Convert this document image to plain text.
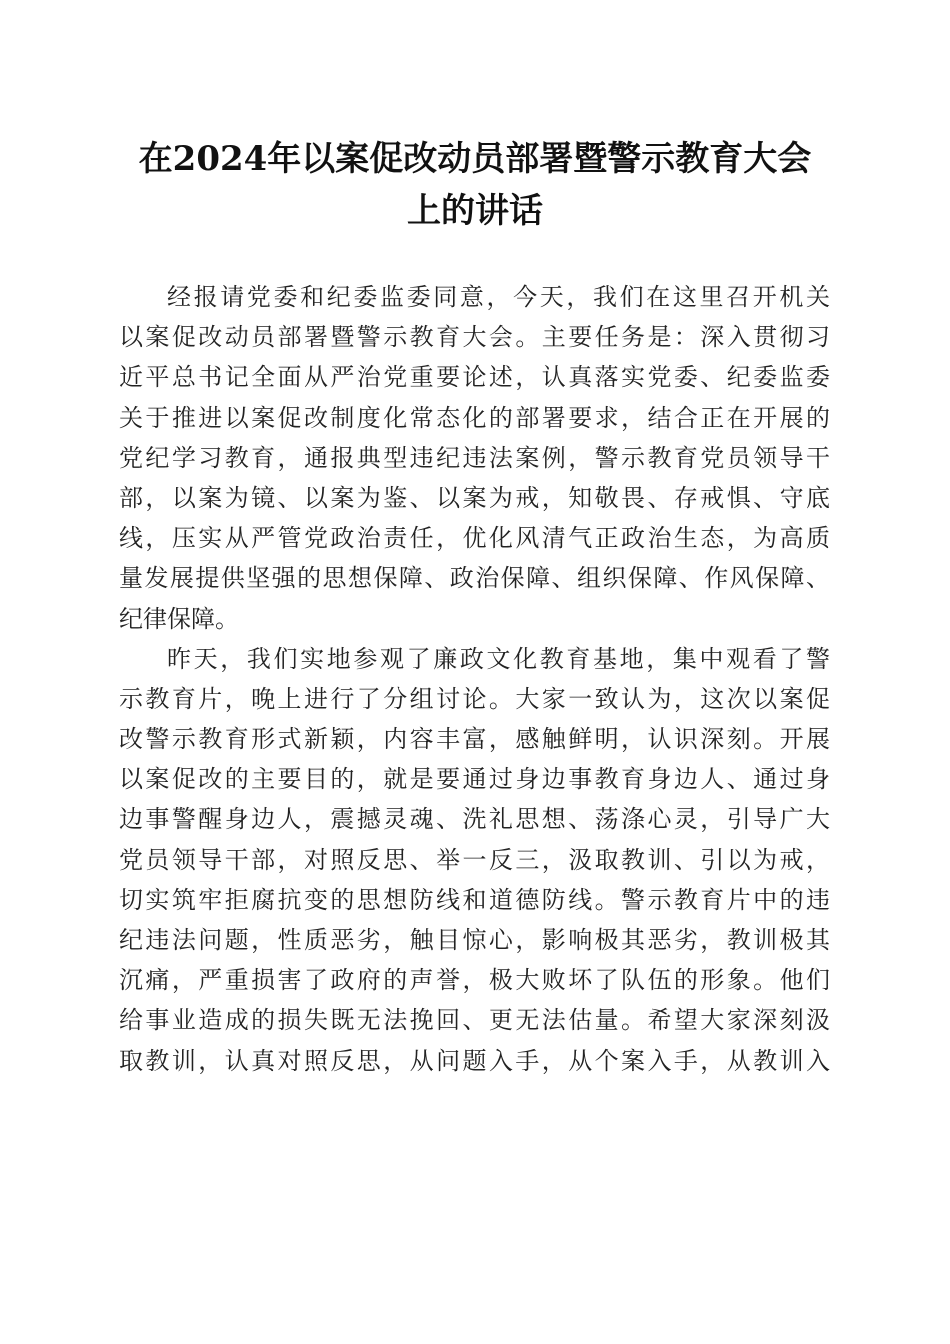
在2024年以案促改动员部署暨警示教育大会
上的讲话
经报请党委和纪委监委同意，今天，我们在这里召开机关
以案促改动员部署暨警示教育大会。主要任务是：深入贯彻习
近平总书记全面从严治党重要论述，认真落实党委、纪委监委
关于推进以案促改制度化常态化的部署要求，结合正在开展的
党纪学习教育，通报典型违纪违法案例，警示教育党员领导干
部，以案为镜、以案为鉴、以案为戒，知敬畏、存戒惧、守底
线，压实从严管党政治责任，优化风清气正政治生态，为高质
量发展提供坚强的思想保障、政治保障、组织保障、作风保障、
纪律保障。
昨天，我们实地参观了廉政文化教育基地，集中观看了警
示教育片，晚上进行了分组讨论。大家一致认为，这次以案促
改警示教育形式新颖，内容丰富，感触鲜明，认识深刻。开展
以案促改的主要目的，就是要通过身边事教育身边人、通过身
边事警醒身边人，震撼灵魂、洗礼思想、荡涤心灵，引导广大
党员领导干部，对照反思、举一反三，汲取教训、引以为戒，
切实筑牢拒腐抗变的思想防线和道德防线。警示教育片中的违
纪违法问题，性质恶劣，触目惊心，影响极其恶劣，教训极其
沉痛，严重损害了政府的声誉，极大败坏了队伍的形象。他们
给事业造成的损失既无法挽回、更无法估量。希望大家深刻汲
取教训，认真对照反思，从问题入手，从个案入手，从教训入
